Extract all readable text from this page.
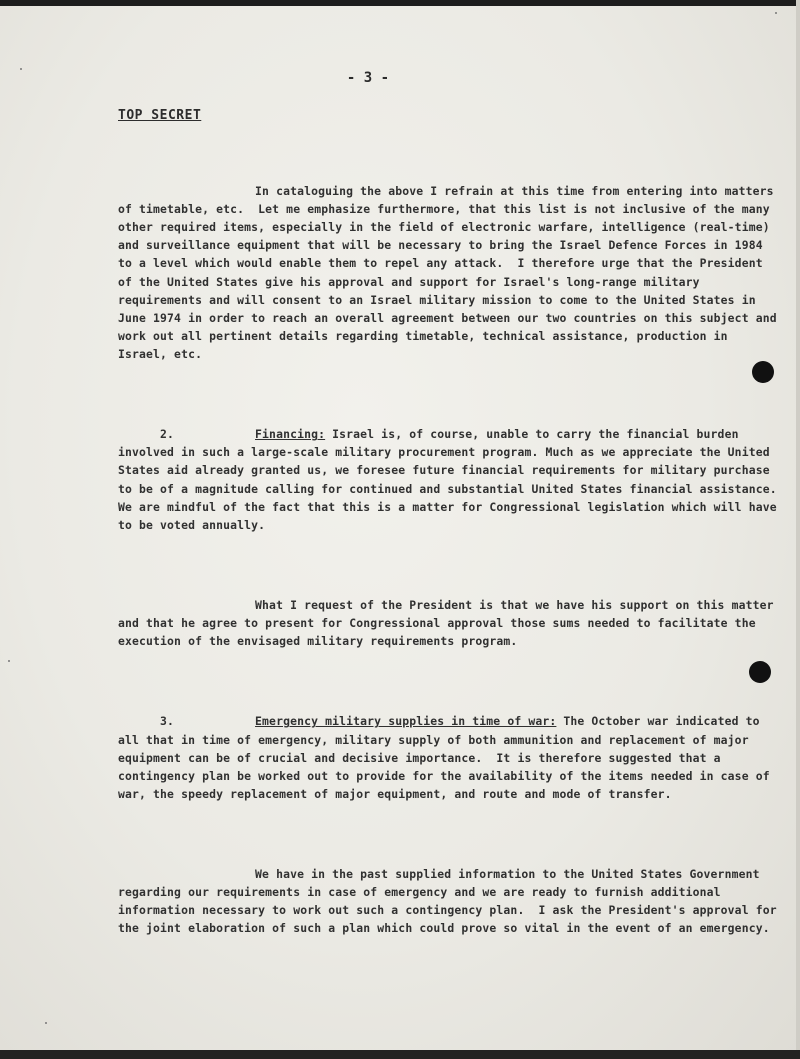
- 3 -
TOP SECRET

In cataloguing the above I refrain at this time from entering into matters of timetable, etc.  Let me emphasize furthermore, that this list is not inclusive of the many other required items, especially in the field of electronic warfare, intelligence (real-time) and surveillance equipment that will be necessary to bring the Israel Defence Forces in 1984 to a level which would enable them to repel any attack.  I therefore urge that the President of the United States give his approval and support for Israel's long-range military requirements and will consent to an Israel military mission to come to the United States in June 1974 in order to reach an overall agreement between our two countries on this subject and work out all pertinent details regarding timetable, technical assistance, production in Israel, etc.

2.	Financing: Israel is, of course, unable to carry the financial burden involved in such a large-scale military procurement program. Much as we appreciate the United States aid already granted us, we foresee future financial requirements for military purchase to be of a magnitude calling for continued and substantial United States financial assistance.  We are mindful of the fact that this is a matter for Congressional legislation which will have to be voted annually.

What I request of the President is that we have his support on this matter and that he agree to present for Congressional approval those sums needed to facilitate the execution of the envisaged military requirements program.

3.	Emergency military supplies in time of war: The October war indicated to all that in time of emergency, military supply of both ammunition and replacement of major equipment can be of crucial and decisive importance.  It is therefore suggested that a contingency plan be worked out to provide for the availability of the items needed in case of war, the speedy replacement of major equipment, and route and mode of transfer.

We have in the past supplied information to the United States Government regarding our requirements in case of emergency and we are ready to furnish additional information necessary to work out such a contingency plan.  I ask the President's approval for the joint elaboration of such a plan which could prove so vital in the event of an emergency.
